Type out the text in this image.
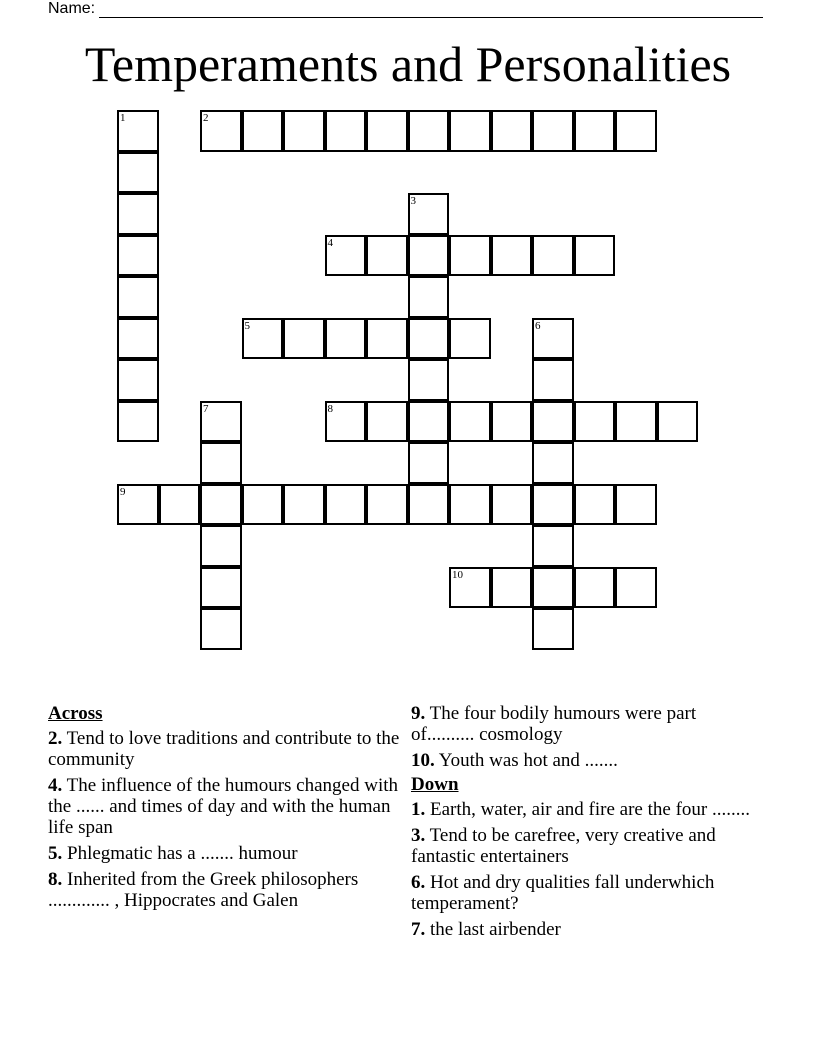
Name:
Temperaments and Personalities
1	2
3
4
5	6
7	8
9
10
Across
2. Tend to love traditions and contribute to the community
4. The influence of the humours changed with the ...... and times of day and with the human life span
5. Phlegmatic has a ....... humour
8. Inherited from the Greek philosophers ............. , Hippocrates and Galen
9. The four bodily humours were part of.......... cosmology
10. Youth was hot and .......
Down
1. Earth, water, air and fire are the four ........
3. Tend to be carefree, very creative and fantastic entertainers
6. Hot and dry qualities fall underwhich temperament?
7. the last airbender
